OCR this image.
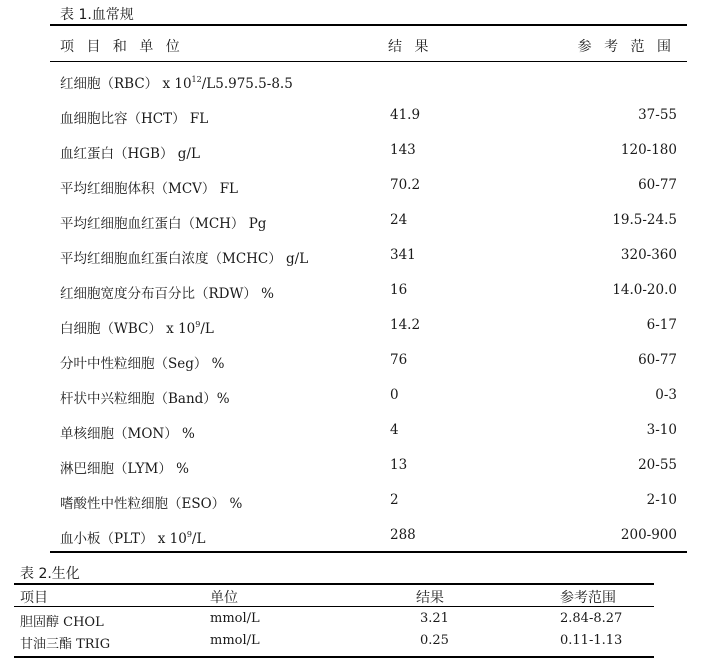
表 1.血常规
项 目 和 单 位	结 果	参 考 范 围
红细胞（RBC） x $10^{12}/L5.975.5-8.5$
血细胞比容（HCT） FL	41.9	37-55
血红蛋白（HGB） g/L	143	120-180
平均红细胞体积（MCV） FL	70.2	60-77
平均红细胞血红蛋白（MCH） Pg	24	19.5-24.5
平均红细胞血红蛋白浓度（MCHC） g/L	341	320-360
红细胞宽度分布百分比（RDW） %	16	14.0-20.0
白细胞（WBC） x $10^9/L$	14.2	6-17
分叶中性粒细胞（Seg） %	76	60-77
杆状中兴粒细胞（Band）%	0	0-3
单核细胞（MON） %	4	3-10
淋巴细胞（LYM） %	13	20-55
嗜酸性中性粒细胞（ESO） %	2	2-10
血小板（PLT） x $10^9/L$	288	200-900
表 2.生化
项目	单位	结果	参考范围
胆固醇 CHOL	mmol/L	3.21	2.84-8.27
甘油三酯 TRIG	mmol/L	0.25	0.11-1.13
